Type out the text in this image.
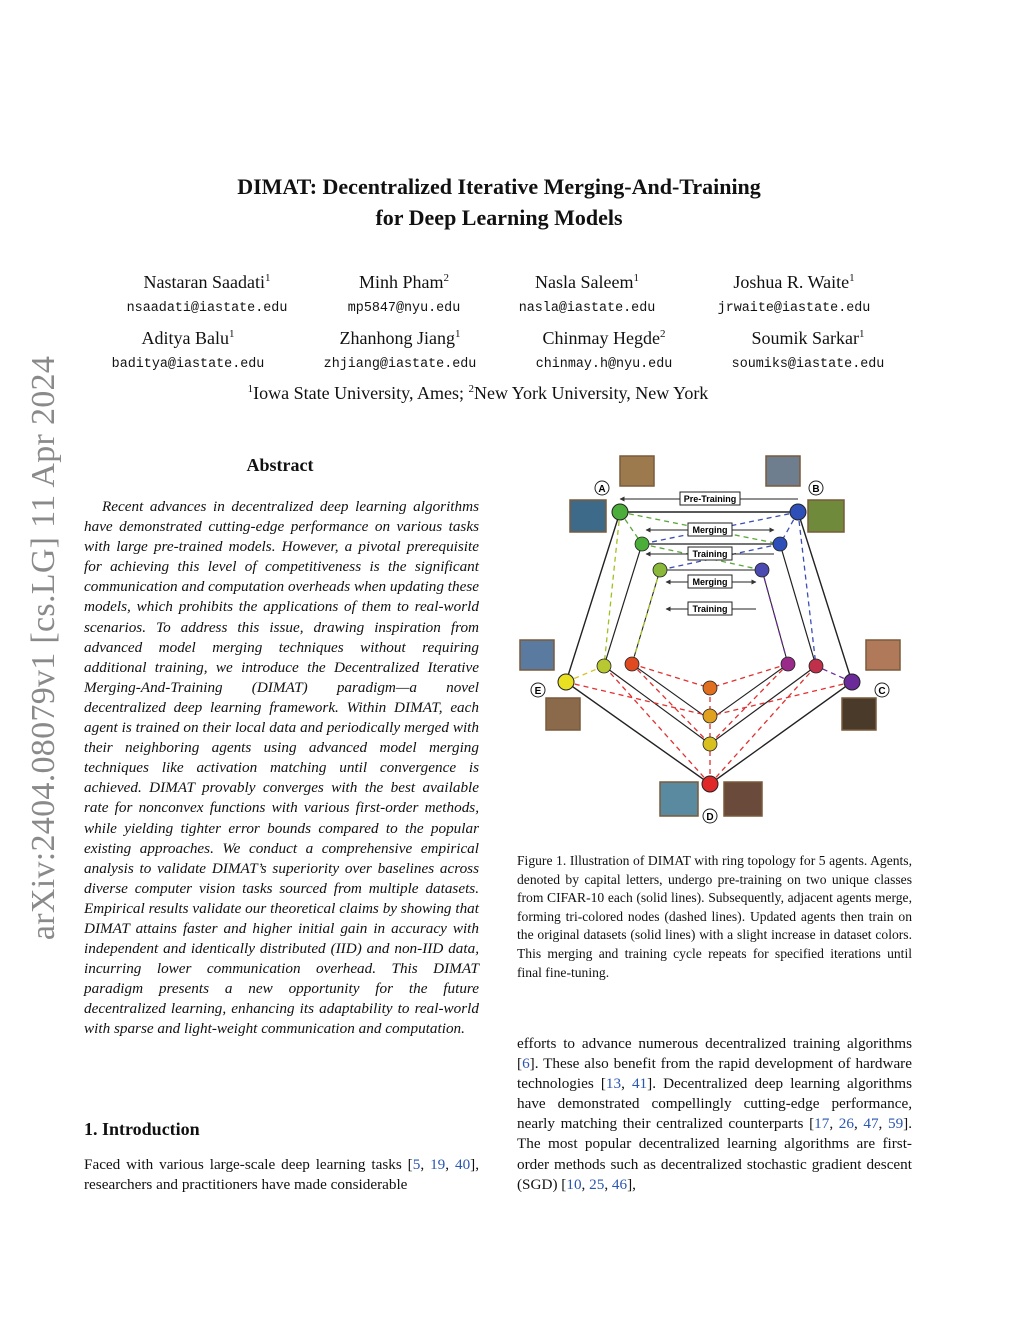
arXiv:2404.08079v1 [cs.LG] 11 Apr 2024
DIMAT: Decentralized Iterative Merging-And-Training
for Deep Learning Models
Nastaran Saadati$^1$
nsaadati@iastate.edu
Minh Pham$^2$
mp5847@nyu.edu
Nasla Saleem$^1$
nasla@iastate.edu
Joshua R. Waite$^1$
jrwaite@iastate.edu
Aditya Balu$^1$
baditya@iastate.edu
Zhanhong Jiang$^1$
zhjiang@iastate.edu
Chinmay Hegde$^2$
chinmay.h@nyu.edu
Soumik Sarkar$^1$
soumiks@iastate.edu
$^1$Iowa State University, Ames; $^2$New York University, New York
Abstract
Recent advances in decentralized deep learning algorithms have demonstrated cutting-edge performance on various tasks with large pre-trained models. However, a pivotal prerequisite for achieving this level of competitiveness is the significant communication and computation overheads when updating these models, which prohibits the applications of them to real-world scenarios. To address this issue, drawing inspiration from advanced model merging techniques without requiring additional training, we introduce the Decentralized Iterative Merging-And-Training (DIMAT) paradigm—a novel decentralized deep learning framework. Within DIMAT, each agent is trained on their local data and periodically merged with their neighboring agents using advanced model merging techniques like activation matching until convergence is achieved. DIMAT provably converges with the best available rate for nonconvex functions with various first-order methods, while yielding tighter error bounds compared to the popular existing approaches. We conduct a comprehensive empirical analysis to validate DIMAT’s superiority over baselines across diverse computer vision tasks sourced from multiple datasets. Empirical results validate our theoretical claims by showing that DIMAT attains faster and higher initial gain in accuracy with independent and identically distributed (IID) and non-IID data, incurring lower communication overhead. This DIMAT paradigm presents a new opportunity for the future decentralized learning, enhancing its adaptability to real-world with sparse and light-weight communication and computation.
1. Introduction
Faced with various large-scale deep learning tasks [5, 19, 40], researchers and practitioners have made considerable
Pre-Training
Merging
Training
Merging
Training
A	B
C
D
E
Figure 1. Illustration of DIMAT with ring topology for 5 agents. Agents, denoted by capital letters, undergo pre-training on two unique classes from CIFAR-10 each (solid lines). Subsequently, adjacent agents merge, forming tri-colored nodes (dashed lines). Updated agents then train on the original datasets (solid lines) with a slight increase in dataset colors. This merging and training cycle repeats for specified iterations until final fine-tuning.
efforts to advance numerous decentralized training algorithms [6]. These also benefit from the rapid development of hardware technologies [13, 41]. Decentralized deep learning algorithms have demonstrated compellingly cutting-edge performance, nearly matching their centralized counterparts [17, 26, 47, 59]. The most popular decentralized learning algorithms are first-order methods such as decentralized stochastic gradient descent (SGD) [10, 25, 46],
